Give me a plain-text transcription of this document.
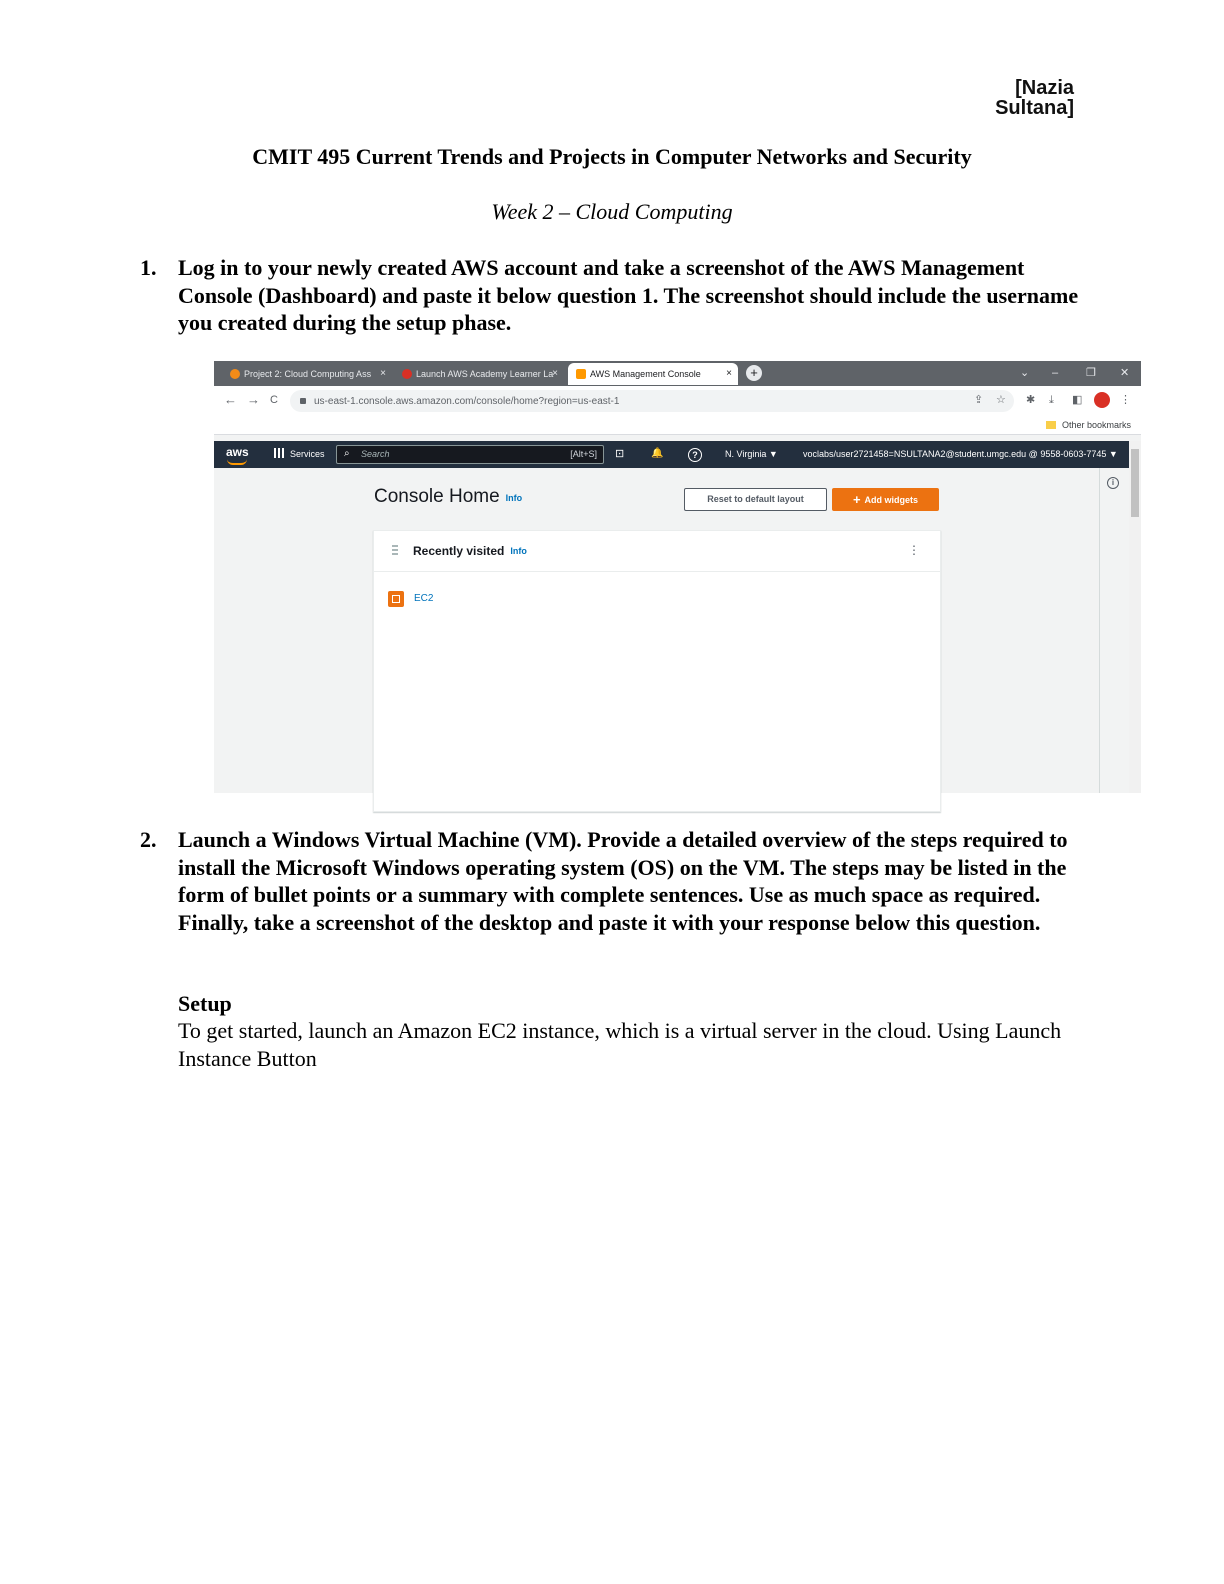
[Nazia Sultana]
CMIT 495 Current Trends and Projects in Computer Networks and Security
Week 2 – Cloud Computing
1. Log in to your newly created AWS account and take a screenshot of the AWS Management Console (Dashboard) and paste it below question 1. The screenshot should include the username you created during the setup phase.
Project 2: Cloud Computing Ass ×	Launch AWS Academy Learner La
×	AWS Management Console	×	+	⌄ –	❐ ✕
← → C
us-east-1.console.aws.amazon.com/console/home?region=us-east-1	⇪ ☆ ✱ ⤓ ◧	⋮
Other bookmarks
aws	Services ⌕ Search	[Alt+S] ⊡	🔔	?	N. Virginia ▼	voclabs/user2721458=NSULTANA2@student.umgc.edu @ 9558-0603-7745 ▼
Console Home Info	Reset to default layout	+ Add widgets
Recently visited Info	⋮
EC2
i
2. Launch a Windows Virtual Machine (VM). Provide a detailed overview of the steps required to install the Microsoft Windows operating system (OS) on the VM. The steps may be listed in the form of bullet points or a summary with complete sentences. Use as much space as required. Finally, take a screenshot of the desktop and paste it with your response below this question.
Setup
To get started, launch an Amazon EC2 instance, which is a virtual server in the cloud. Using Launch Instance Button
